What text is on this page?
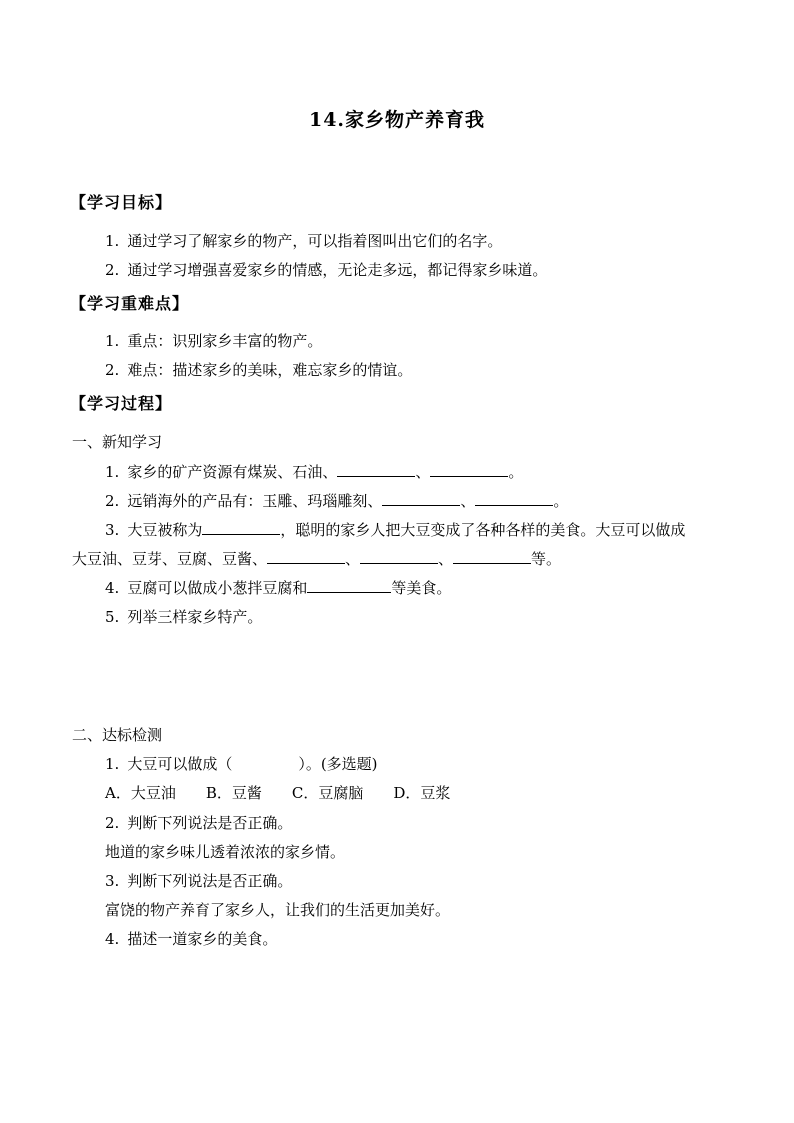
14.家乡物产养育我
【学习目标】
1. 通过学习了解家乡的物产，可以指着图叫出它们的名字。
2. 通过学习增强喜爱家乡的情感，无论走多远，都记得家乡味道。
【学习重难点】
1. 重点：识别家乡丰富的物产。
2. 难点：描述家乡的美味，难忘家乡的情谊。
【学习过程】
一、新知学习
1. 家乡的矿产资源有煤炭、石油、	、	。
2. 远销海外的产品有：玉雕、玛瑙雕刻、	、	。
3. 大豆被称为	，聪明的家乡人把大豆变成了各种各样的美食。大豆可以做成
大豆油、豆芽、豆腐、豆酱、	、	、	等。
4. 豆腐可以做成小葱拌豆腐和	等美食。
5. 列举三样家乡特产。
二、达标检测
1. 大豆可以做成（	）。(多选题)
A．大豆油 B．豆酱 C．豆腐脑 D．豆浆
2. 判断下列说法是否正确。
地道的家乡味儿透着浓浓的家乡情。
3. 判断下列说法是否正确。
富饶的物产养育了家乡人，让我们的生活更加美好。
4. 描述一道家乡的美食。
